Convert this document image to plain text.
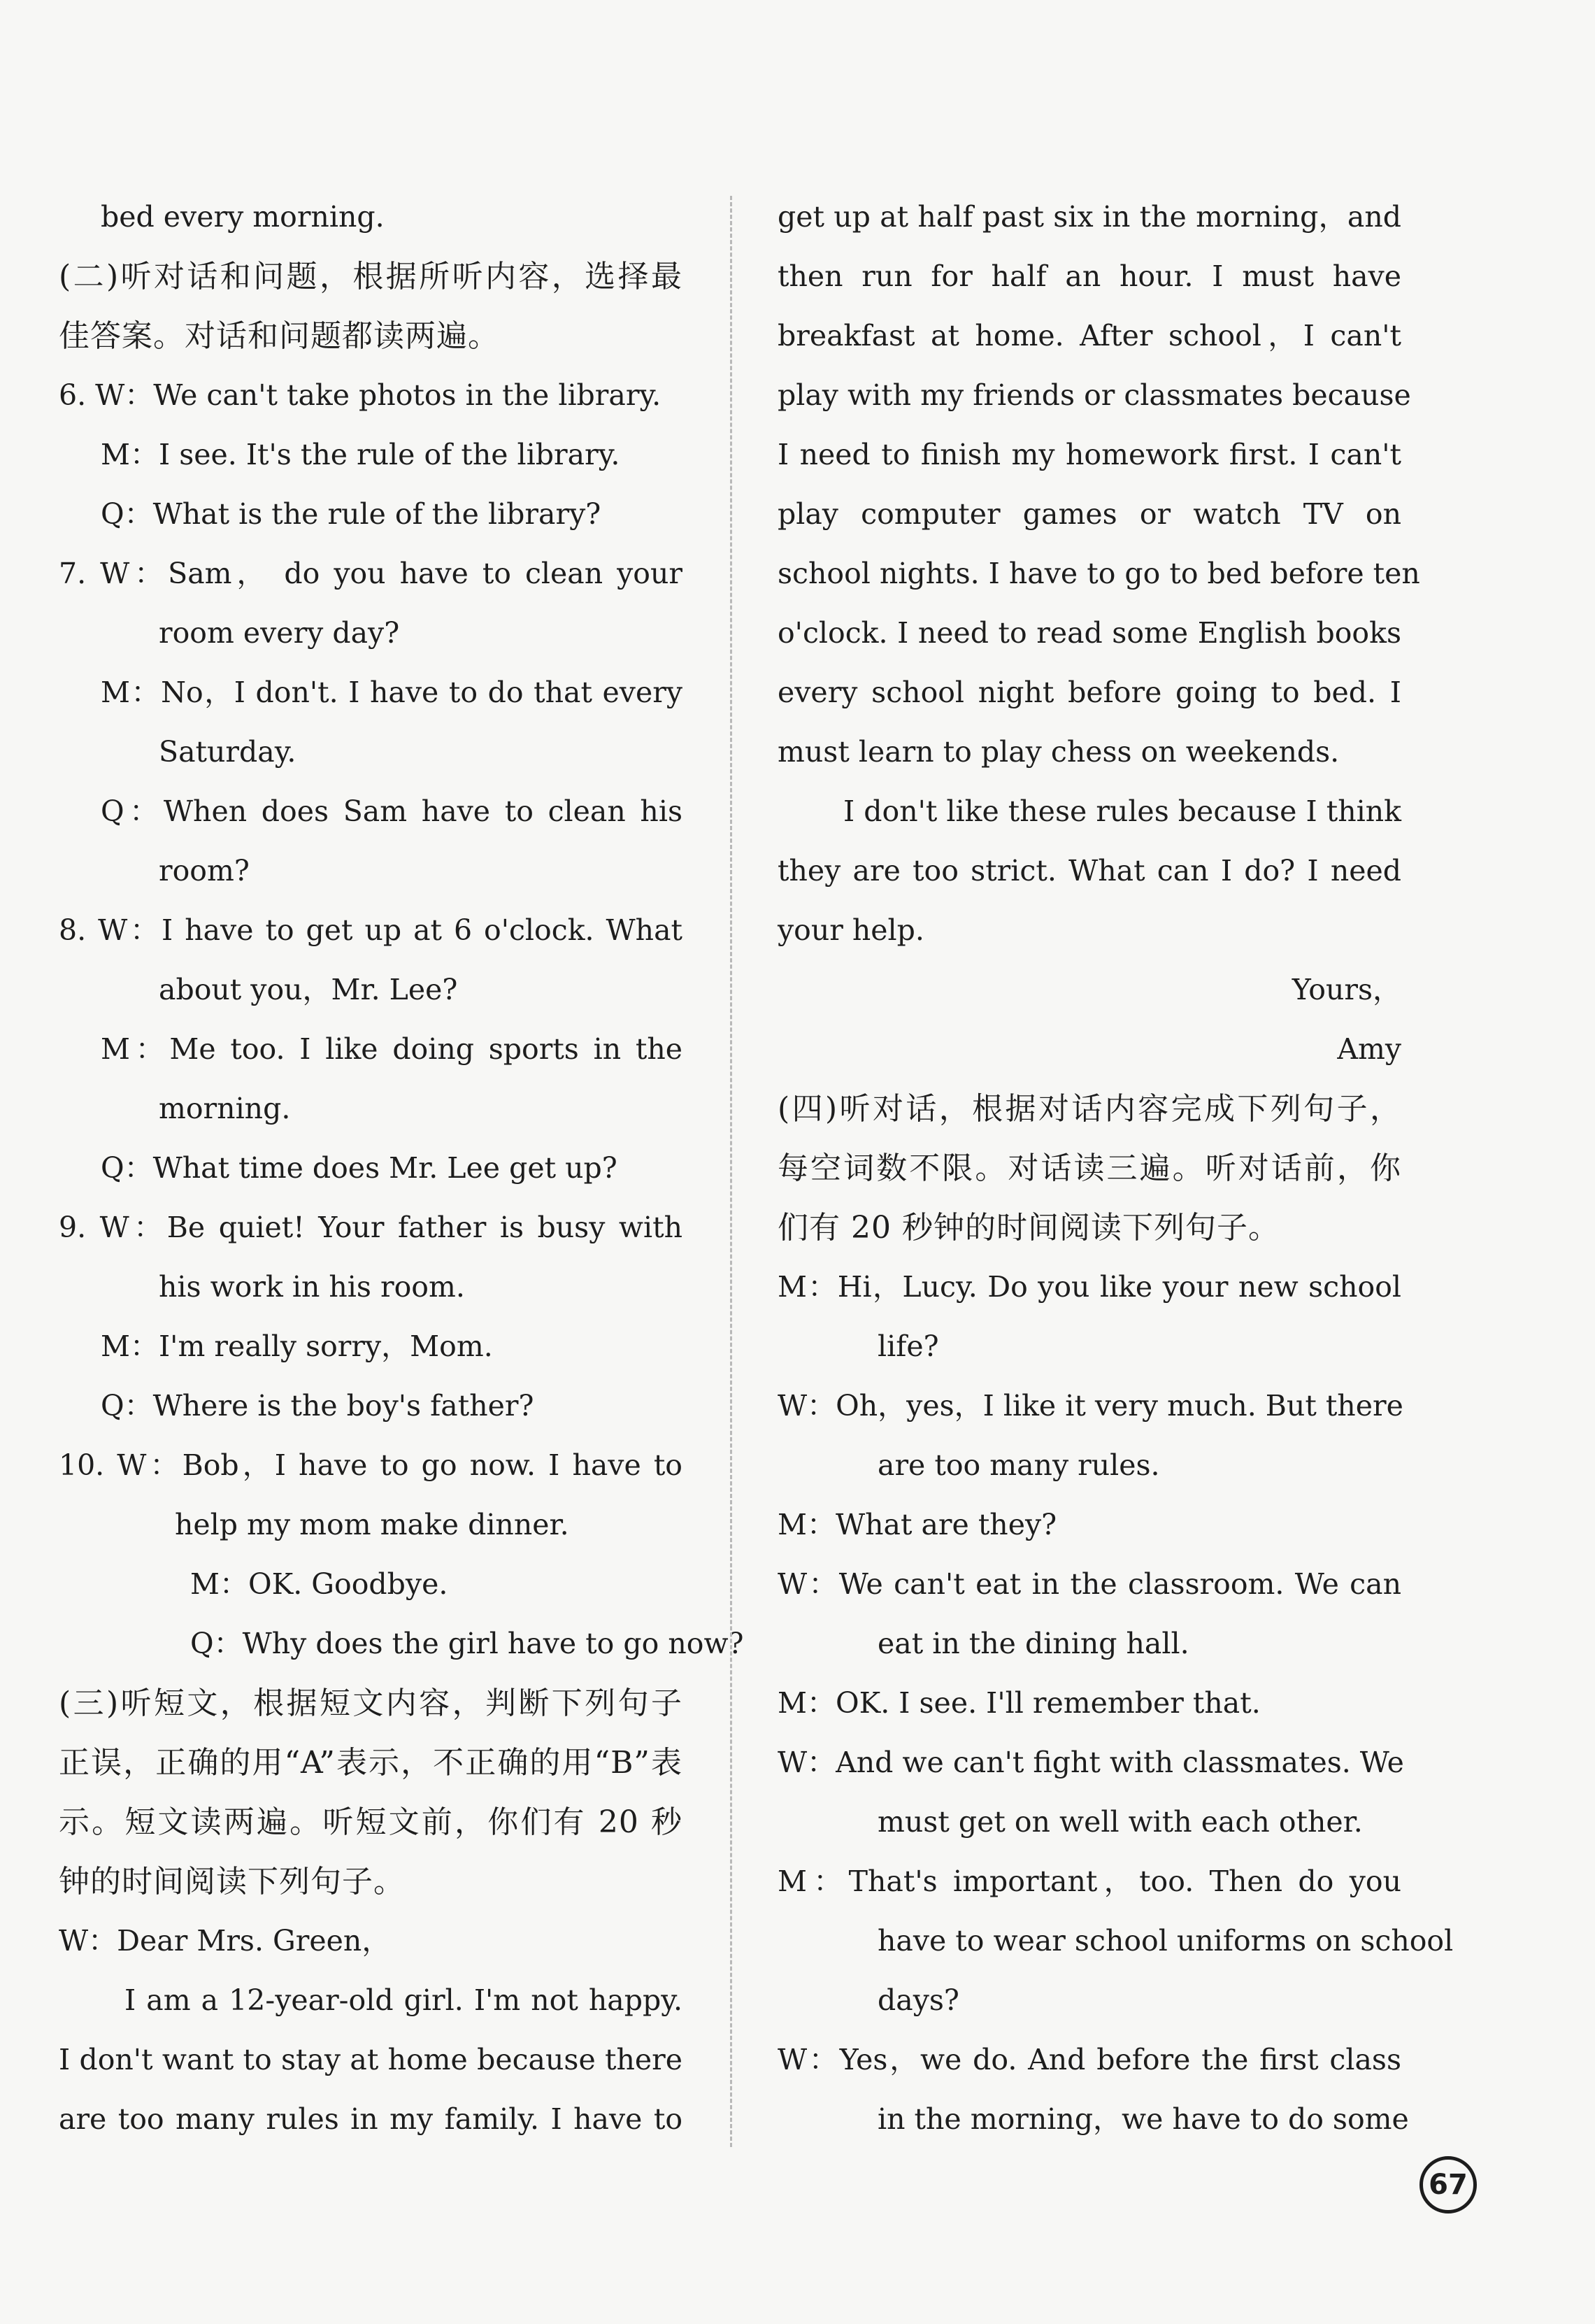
bed every morning.
(二)听对话和问题，根据所听内容，选择最
佳答案。对话和问题都读两遍。
6. W：We can't take photos in the library.
M：I see. It's the rule of the library.
Q：What is the rule of the library?
7. W：Sam， do you have to clean your
room every day?
M：No，I don't. I have to do that every
Saturday.
Q：When does Sam have to clean his
room?
8. W：I have to get up at 6 o'clock. What
about you，Mr. Lee?
M：Me too. I like doing sports in the
morning.
Q：What time does Mr. Lee get up?
9. W：Be quiet! Your father is busy with
his work in his room.
M：I'm really sorry，Mom.
Q：Where is the boy's father?
10. W：Bob，I have to go now. I have to
help my mom make dinner.
M：OK. Goodbye.
Q：Why does the girl have to go now?
(三)听短文，根据短文内容，判断下列句子
正误，正确的用“A”表示，不正确的用“B”表
示。短文读两遍。听短文前，你们有 20 秒
钟的时间阅读下列句子。
W：Dear Mrs. Green，
I am a 12-year-old girl. I'm not happy.
I don't want to stay at home because there
are too many rules in my family. I have to
get up at half past six in the morning，and
then run for half an hour. I must have
breakfast at home. After school，I can't
play with my friends or classmates because
I need to finish my homework first. I can't
play computer games or watch TV on
school nights. I have to go to bed before ten
o'clock. I need to read some English books
every school night before going to bed. I
must learn to play chess on weekends.
I don't like these rules because I think
they are too strict. What can I do? I need
your help.
Yours，
Amy
(四)听对话，根据对话内容完成下列句子，
每空词数不限。对话读三遍。听对话前，你
们有 20 秒钟的时间阅读下列句子。
M：Hi，Lucy. Do you like your new school
life?
W：Oh，yes，I like it very much. But there
are too many rules.
M：What are they?
W：We can't eat in the classroom. We can
eat in the dining hall.
M：OK. I see. I'll remember that.
W：And we can't fight with classmates. We
must get on well with each other.
M：That's important，too. Then do you
have to wear school uniforms on school
days?
W：Yes，we do. And before the first class
in the morning，we have to do some
67
